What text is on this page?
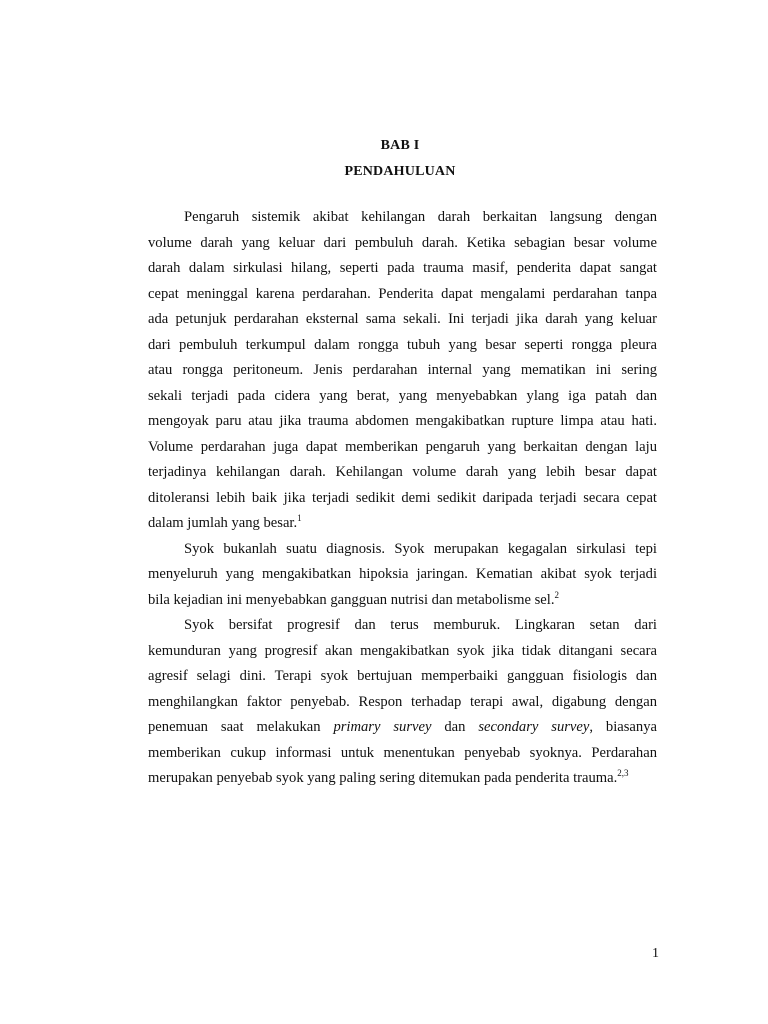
BAB I
PENDAHULUAN
Pengaruh sistemik akibat kehilangan darah berkaitan langsung dengan
volume darah yang keluar dari pembuluh darah. Ketika sebagian besar volume
darah dalam sirkulasi hilang, seperti pada trauma masif, penderita dapat sangat
cepat meninggal karena perdarahan. Penderita dapat mengalami perdarahan tanpa
ada petunjuk perdarahan eksternal sama sekali. Ini terjadi jika darah yang keluar
dari pembuluh terkumpul dalam rongga tubuh yang besar seperti rongga pleura
atau rongga peritoneum. Jenis perdarahan internal yang mematikan ini sering
sekali terjadi pada cidera yang berat, yang menyebabkan ylang iga patah dan
mengoyak paru atau jika trauma abdomen mengakibatkan rupture limpa atau hati.
Volume perdarahan juga dapat memberikan pengaruh yang berkaitan dengan laju
terjadinya kehilangan darah. Kehilangan volume darah yang lebih besar dapat
ditoleransi lebih baik jika terjadi sedikit demi sedikit daripada terjadi secara cepat
dalam jumlah yang besar.$^1$
Syok bukanlah suatu diagnosis. Syok merupakan kegagalan sirkulasi tepi
menyeluruh yang mengakibatkan hipoksia jaringan. Kematian akibat syok terjadi
bila kejadian ini menyebabkan gangguan nutrisi dan metabolisme sel.$^2$
Syok bersifat progresif dan terus memburuk. Lingkaran setan dari
kemunduran yang progresif akan mengakibatkan syok jika tidak ditangani secara
agresif selagi dini. Terapi syok bertujuan memperbaiki gangguan fisiologis dan
menghilangkan faktor penyebab. Respon terhadap terapi awal, digabung dengan
penemuan saat melakukan primary survey dan secondary survey, biasanya
memberikan cukup informasi untuk menentukan penyebab syoknya. Perdarahan
merupakan penyebab syok yang paling sering ditemukan pada penderita trauma.$^{2,3}$
1
